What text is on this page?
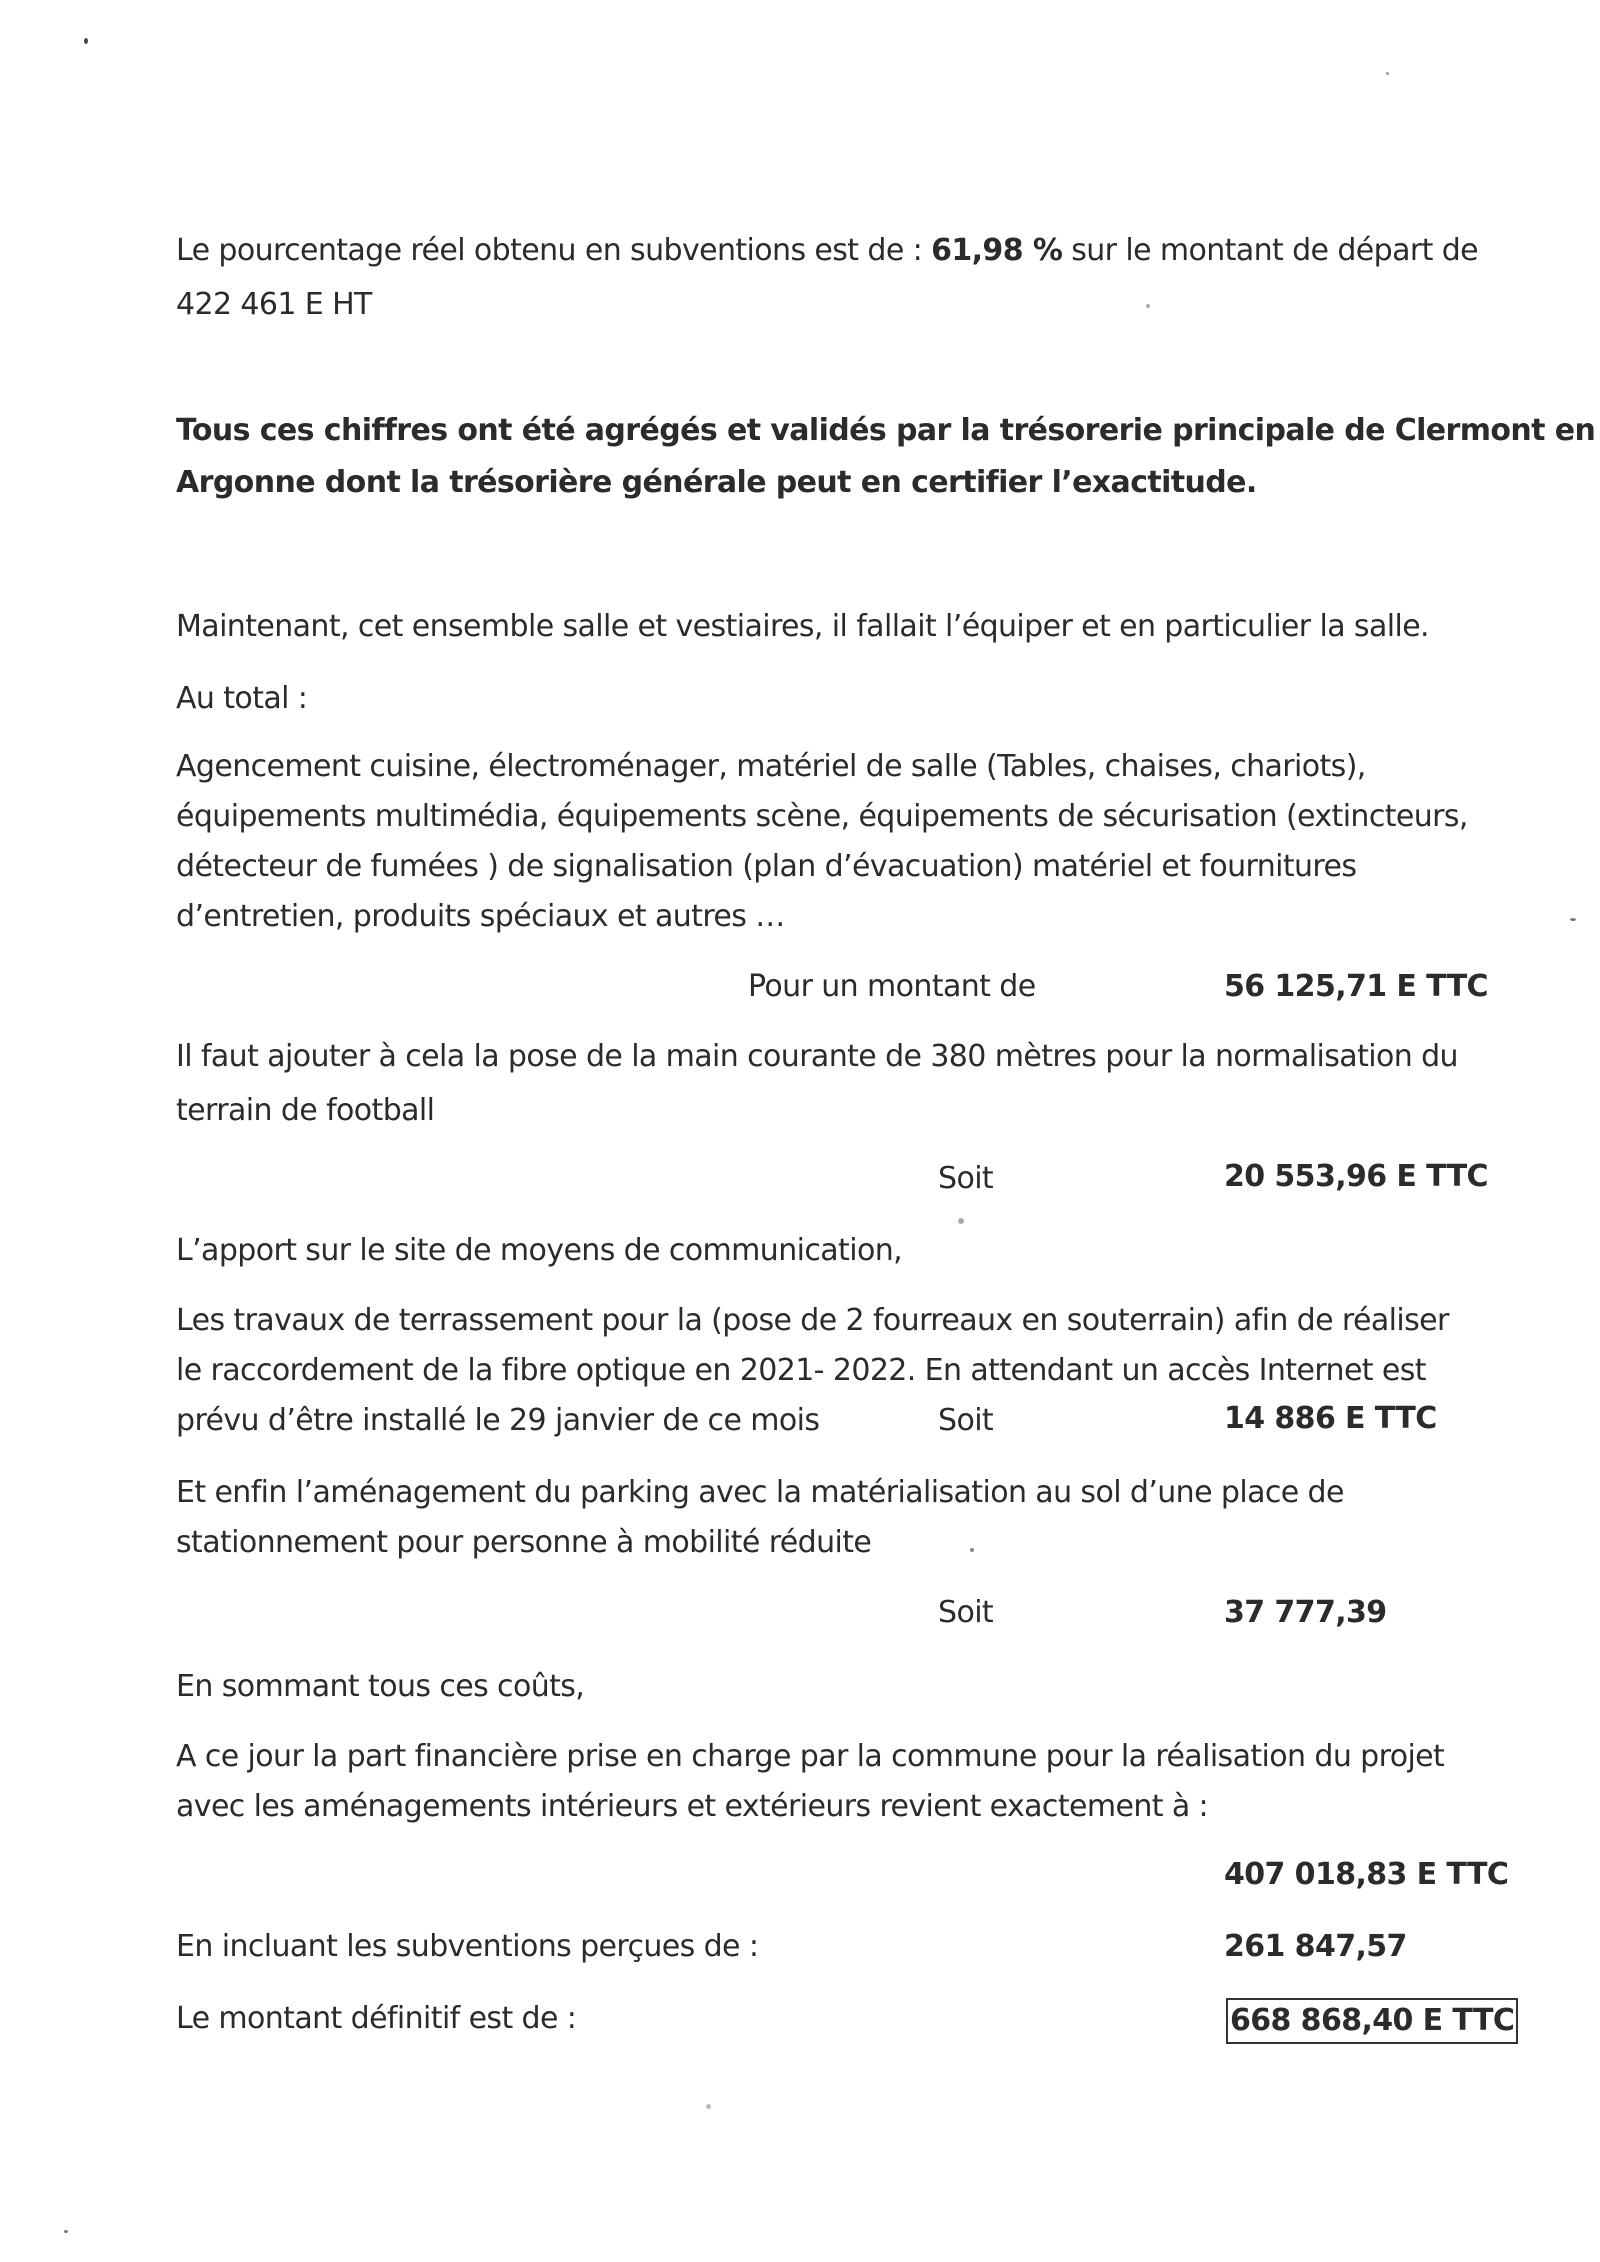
Le pourcentage réel obtenu en subventions est de : 61,98 % sur le montant de départ de
422 461 E HT
Tous ces chiffres ont été agrégés et validés par la trésorerie principale de Clermont en
Argonne dont la trésorière générale peut en certifier l’exactitude.
Maintenant, cet ensemble salle et vestiaires, il fallait l’équiper et en particulier la salle.
Au total :
Agencement cuisine, électroménager, matériel de salle (Tables, chaises, chariots),
équipements multimédia, équipements scène, équipements de sécurisation (extincteurs,
détecteur de fumées ) de signalisation (plan d’évacuation) matériel et fournitures
d’entretien, produits spéciaux et autres …
Pour un montant de	56 125,71 E TTC
Il faut ajouter à cela la pose de la main courante de 380 mètres pour la normalisation du
terrain de football
Soit	20 553,96 E TTC
L’apport sur le site de moyens de communication,
Les travaux de terrassement pour la (pose de 2 fourreaux en souterrain) afin de réaliser
le raccordement de la fibre optique en 2021- 2022. En attendant un accès Internet est
prévu d’être installé le 29 janvier de ce mois	Soit	14 886 E TTC
Et enfin l’aménagement du parking avec la matérialisation au sol d’une place de
stationnement pour personne à mobilité réduite
Soit	37 777,39
En sommant tous ces coûts,
A ce jour la part financière prise en charge par la commune pour la réalisation du projet
avec les aménagements intérieurs et extérieurs revient exactement à :
407 018,83 E TTC
En incluant les subventions perçues de :	261 847,57
Le montant définitif est de :	668 868,40 E TTC
